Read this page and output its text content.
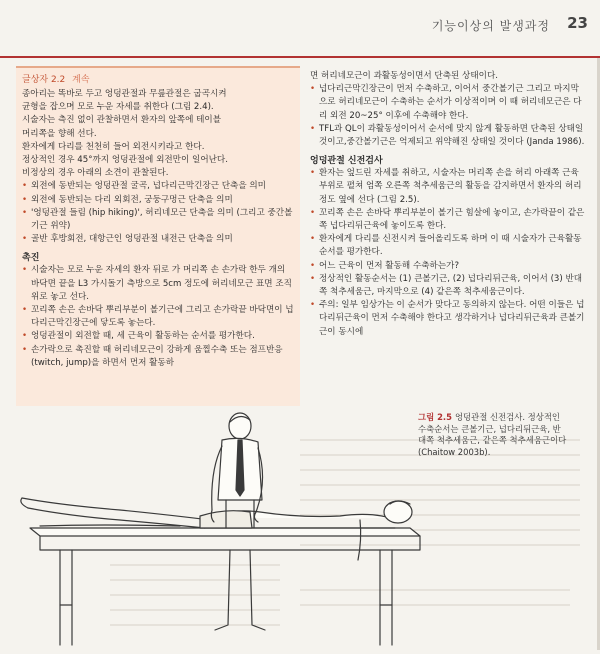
기능이상의 발생과정 23
글상자 2.2 계속

종아리는 똑바로 두고 엉덩관절과 무릎관절은 굽곡시켜

균형을 잡으며 모로 누운 자세를 취한다 (그림 2.4).

시술자는 측진 없이 관찰하면서 환자의 앞쪽에 테이블

머리쪽을 향해 선다.

환자에게 다리를 천천히 들어 외전시키라고 한다.

정상적인 경우 45°까지 엉덩관절에 외전만이 일어난다.

비정상의 경우 아래의 소견이 관찰된다.

• 외전에 동반되는 엉덩관절 굴곡, 넙다리근막긴장근 단축을 의미
• 외전에 동반되는 다리 외회전, 궁둥구멍근 단축을 의미
• '엉덩관절 들림 (hip hiking)', 허리네모근 단축을 의미 (그리고 중간볼기근 위약)
• 골반 후방회전, 대항근인 엉덩관절 내전근 단축을 의미
촉진
• 시술자는 모로 누운 자세의 환자 뒤로 가 머리쪽 손 손가락 한두 개의 바닥면 끝을 L3 가시돌기 측방으로 5cm 정도에 허리네모근 표면 조직 위로 놓고 선다.
• 꼬리쪽 손은 손바닥 뿌리부분이 볼기근에 그리고 손가락끝 바닥면이 넙다리근막긴장근에 닿도록 놓는다.
• 엉덩관절이 외전할 때, 세 근육이 활동하는 순서를 평가한다.
• 손가락으로 촉진할 때 허리네모근이 강하게 움찔수축 또는 점프반응(twitch, jump)을 하면서 먼저 활동하

면 허리네모근이 과활동성이면서 단축된 상태이다.

• 넙다리근막긴장근이 먼저 수축하고, 이어서 중간볼기근 그리고 마지막으로 허리네모근이 수축하는 순서가 이상적이며 이 때 허리네모근은 다리 외전 20~25° 이후에 수축해야 한다.
• TFL과 QL이 과활동성이어서 순서에 맞지 않게 활동하면 단축된 상태일 것이고,중간볼기근은 억제되고 위약해진 상태일 것이다 (Janda 1986).
엉덩관절 신전검사
• 환자는 엎드린 자세를 취하고, 시술자는 머리쪽 손을 허리 아래쪽 근육 부위로 펼쳐 엄쪽 오른쪽 척추세움근의 활동을 감지하면서 환자의 허리 정도 옆에 선다 (그림 2.5).
• 꼬리쪽 손은 손바닥 뿌리부분이 볼기근 힘살에 놓이고, 손가락끝이 같은쪽 넙다리뒤근육에 놓이도록 한다.
• 환자에게 다리를 신전시켜 들어올리도록 하며 이 때 시술자가 근육활동순서를 평가한다.
• 어느 근육이 먼저 활동해 수축하는가?
• 정상적인 활동순서는 (1) 큰볼기근, (2) 넙다리뒤근육, 이어서 (3) 반대쪽 척추세움근, 마지막으로 (4) 같은쪽 척추세움근이다.
• 주의: 일부 임상가는 이 순서가 맞다고 동의하지 않는다. 어떤 이들은 넙다리뒤근육이 먼저 수축해야 한다고 생각하거나 넙다리뒤근육과 큰볼기근이 동시에
그림 2.5 엉덩관절 신전검사. 정상적인 수축순서는 큰볼기근, 넙다리뒤근육, 반대쪽 척추세움근, 같은쪽 척추세움근이다 (Chaitow 2003b).
